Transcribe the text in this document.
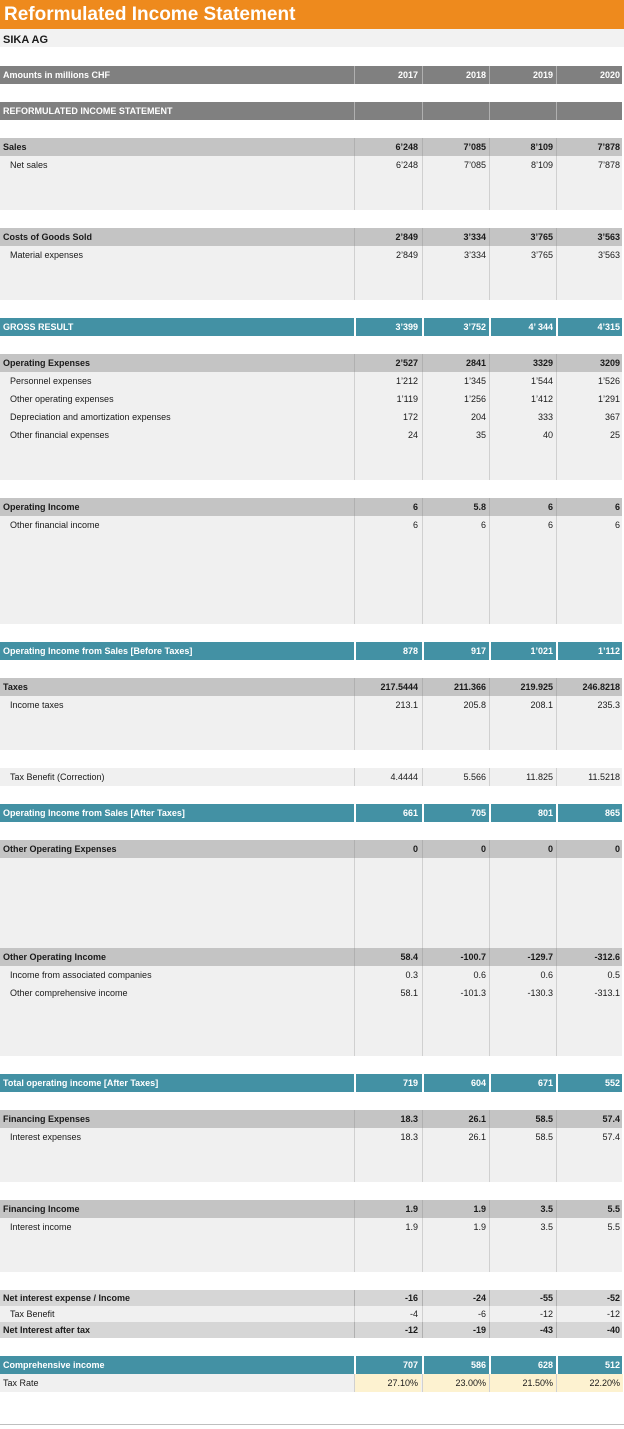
Reformulated Income Statement
SIKA AG
Amounts in millions CHF	2017	2018	2019	2020
REFORMULATED INCOME STATEMENT
Sales	6’248	7’085	8’109	7’878
Net sales	6’248	7’085	8’109	7’878
Costs of Goods Sold	2’849	3’334	3’765	3’563
Material expenses	2’849	3’334	3’765	3’563
GROSS RESULT	3’399	3’752	4’ 344	4’315
Operating Expenses	2’527	2841	3329	3209
Personnel expenses	1’212	1’345	1’544	1’526
Other operating expenses	1’119	1’256	1’412	1’291
Depreciation and amortization expenses	172	204	333	367
Other financial expenses	24	35	40	25
Operating Income	6	5.8	6	6
Other financial income	6	6	6	6
Operating Income from Sales [Before Taxes]	878	917	1’021	1’112
Taxes	217.5444	211.366	219.925	246.8218
Income taxes	213.1	205.8	208.1	235.3
Tax Benefit (Correction)	4.4444	5.566	11.825	11.5218
Operating Income from Sales [After Taxes]	661	705	801	865
Other Operating Expenses	0	0	0	0
Other Operating Income	58.4	-100.7	-129.7	-312.6
Income from associated companies	0.3	0.6	0.6	0.5
Other comprehensive income	58.1	-101.3	-130.3	-313.1
Total operating income [After Taxes]	719	604	671	552
Financing Expenses	18.3	26.1	58.5	57.4
Interest expenses	18.3	26.1	58.5	57.4
Financing Income	1.9	1.9	3.5	5.5
Interest income	1.9	1.9	3.5	5.5
Net interest expense / Income	-16	-24	-55	-52
Tax Benefit	-4	-6	-12	-12
Net Interest after tax	-12	-19	-43	-40
Comprehensive income	707	586	628	512
Tax Rate	27.10%	23.00%	21.50%	22.20%
